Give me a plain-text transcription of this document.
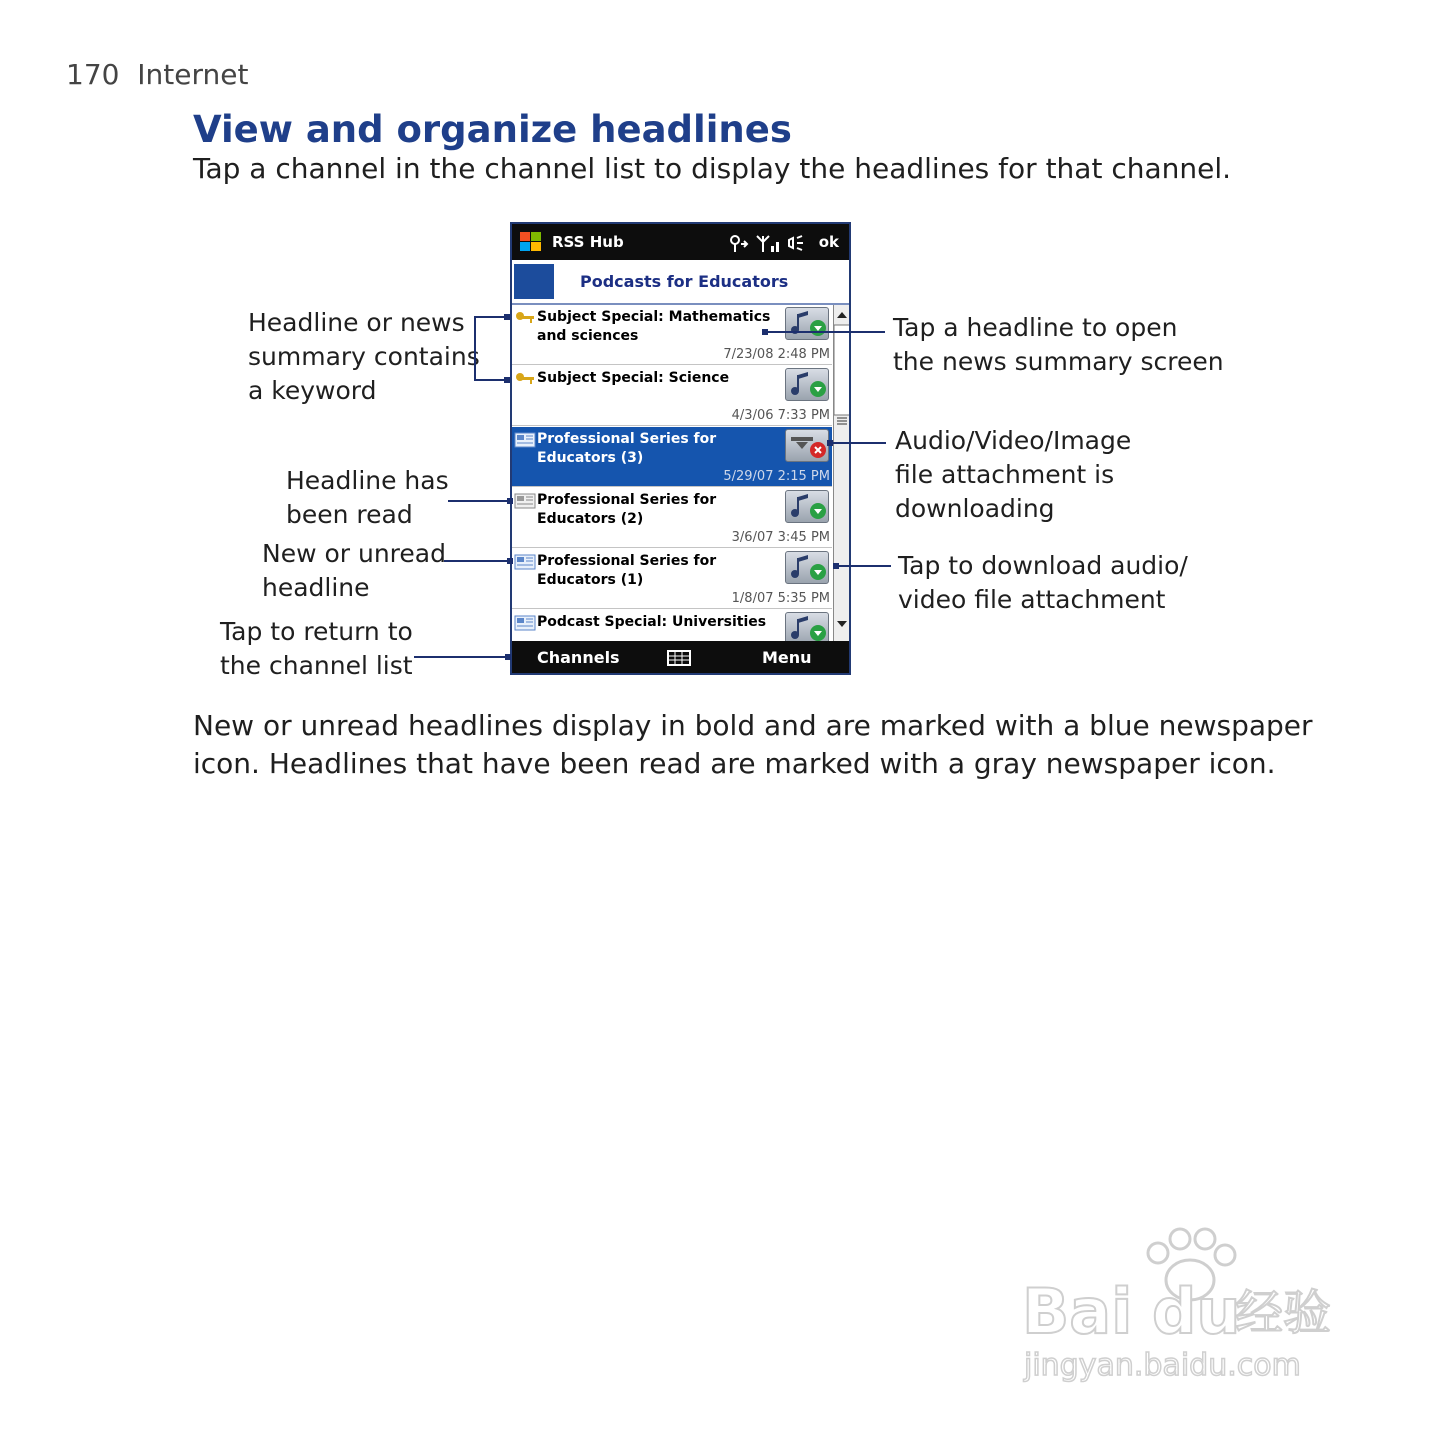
170 Internet
View and organize headlines
Tap a channel in the channel list to display the headlines for that channel.
Headline or news
summary contains
a keyword
Headline has
been read
New or unread
headline
Tap to return to
the channel list
Tap a headline to open
the news summary screen
Audio/Video/Image
file attachment is
downloading
Tap to download audio/
video file attachment
RSS Hub	ok
Podcasts for Educators
Subject Special: Mathematics
and sciences
7/23/08 2:48 PM
Subject Special: Science
4/3/06 7:33 PM
Professional Series for
Educators (3)
5/29/07 2:15 PM
Professional Series for
Educators (2)
3/6/07 3:45 PM
Professional Series for
Educators (1)
1/8/07 5:35 PM
Podcast Special: Universities
Channels	Menu
New or unread headlines display in bold and are marked with a blue newspaper
icon. Headlines that have been read are marked with a gray newspaper icon.
Bai du
经验
jingyan.baidu.com
